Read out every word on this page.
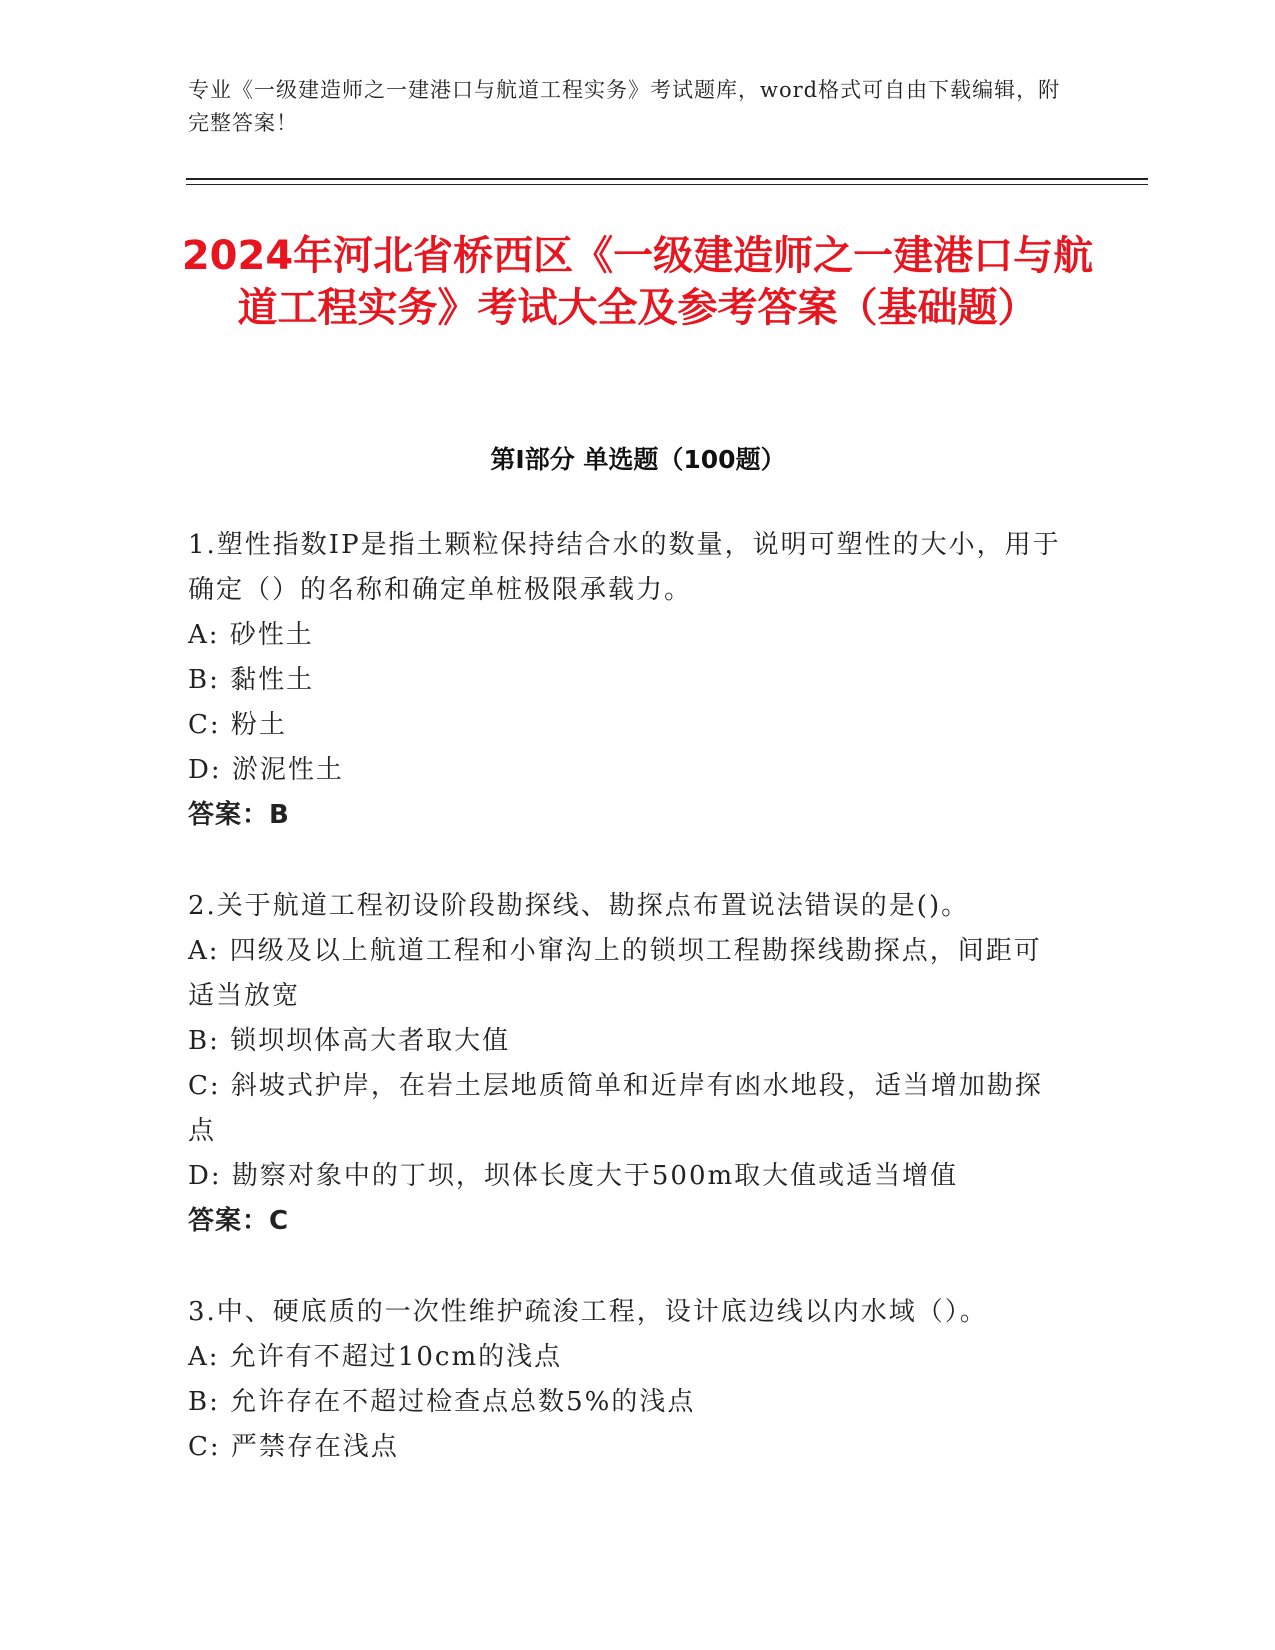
专业《一级建造师之一建港口与航道工程实务》考试题库，word格式可自由下载编辑，附完整答案！
2024年河北省桥西区《一级建造师之一建港口与航道工程实务》考试大全及参考答案（基础题）
第Ⅰ部分 单选题（100题）

1.塑性指数IP是指土颗粒保持结合水的数量，说明可塑性的大小，用于确定（）的名称和确定单桩极限承载力。

A: 砂性土

B: 黏性土

C: 粉土

D: 淤泥性土

答案：B

2.关于航道工程初设阶段勘探线、勘探点布置说法错误的是()。

A: 四级及以上航道工程和小窜沟上的锁坝工程勘探线勘探点，间距可适当放宽

B: 锁坝坝体高大者取大值

C: 斜坡式护岸，在岩土层地质简单和近岸有凼水地段，适当增加勘探点

D: 勘察对象中的丁坝，坝体长度大于500m取大值或适当增值

答案：C

3.中、硬底质的一次性维护疏浚工程，设计底边线以内水域（）。

A: 允许有不超过10cm的浅点

B: 允许存在不超过检查点总数5%的浅点

C: 严禁存在浅点
